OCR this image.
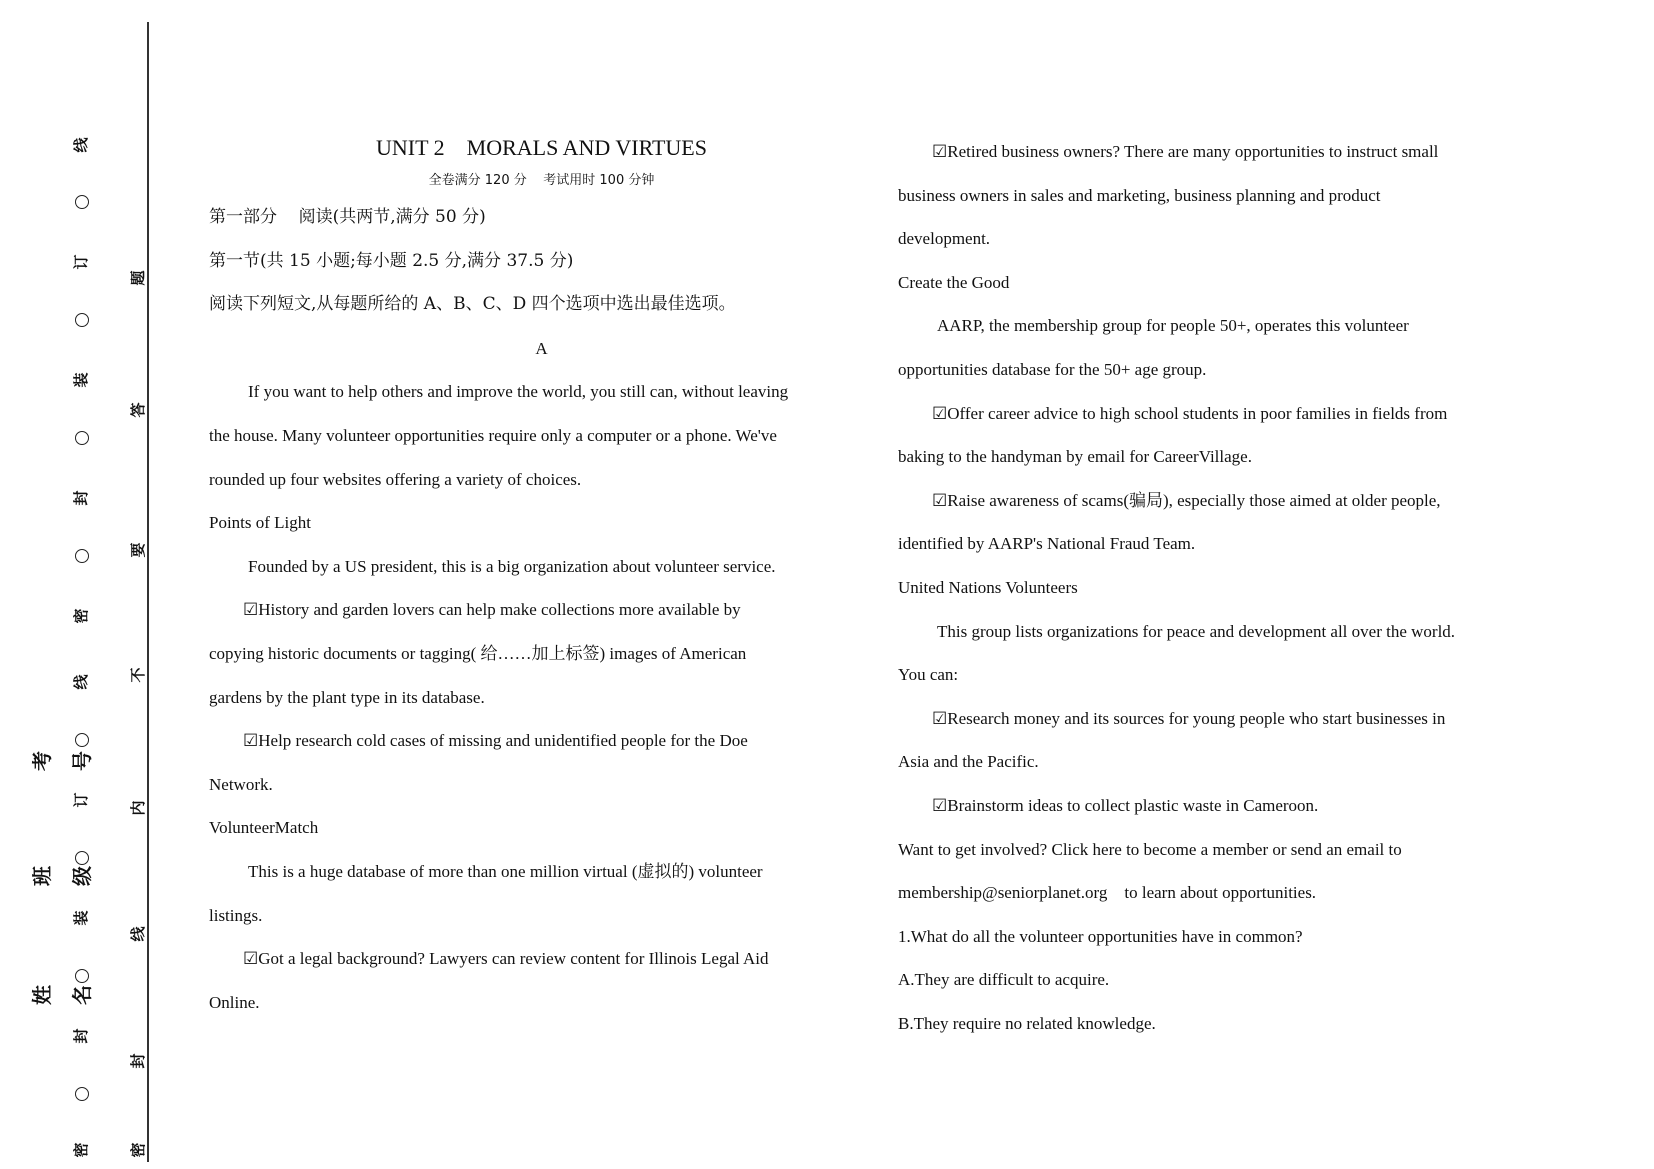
线
订
装
封
密
线
订
装
封
密
题
答
要
不
内
线
封
密
考号
班级
姓名
UNIT 2    MORALS AND VIRTUES
全卷满分 120 分    考试用时 100 分钟
第一部分    阅读(共两节,满分 50 分)
第一节(共 15 小题;每小题 2.5 分,满分 37.5 分)
阅读下列短文,从每题所给的 A、B、C、D 四个选项中选出最佳选项。
A
If you want to help others and improve the world, you still can, without leaving
the house. Many volunteer opportunities require only a computer or a phone. We've
rounded up four websites offering a variety of choices.
Points of Light
Founded by a US president, this is a big organization about volunteer service.
☑History and garden lovers can help make collections more available by
copying historic documents or tagging( 给……加上标签) images of American
gardens by the plant type in its database.
☑Help research cold cases of missing and unidentified people for the Doe
Network.
VolunteerMatch
This is a huge database of more than one million virtual (虚拟的) volunteer
listings.
☑Got a legal background? Lawyers can review content for Illinois Legal Aid
Online.
☑Retired business owners? There are many opportunities to instruct small
business owners in sales and marketing, business planning and product
development.
Create the Good
AARP, the membership group for people 50+, operates this volunteer
opportunities database for the 50+ age group.
☑Offer career advice to high school students in poor families in fields from
baking to the handyman by email for CareerVillage.
☑Raise awareness of scams(骗局), especially those aimed at older people,
identified by AARP's National Fraud Team.
United Nations Volunteers
This group lists organizations for peace and development all over the world.
You can:
☑Research money and its sources for young people who start businesses in
Asia and the Pacific.
☑Brainstorm ideas to collect plastic waste in Cameroon.
Want to get involved? Click here to become a member or send an email to
membership@seniorplanet.org    to learn about opportunities.
1.What do all the volunteer opportunities have in common?
A.They are difficult to acquire.
B.They require no related knowledge.
